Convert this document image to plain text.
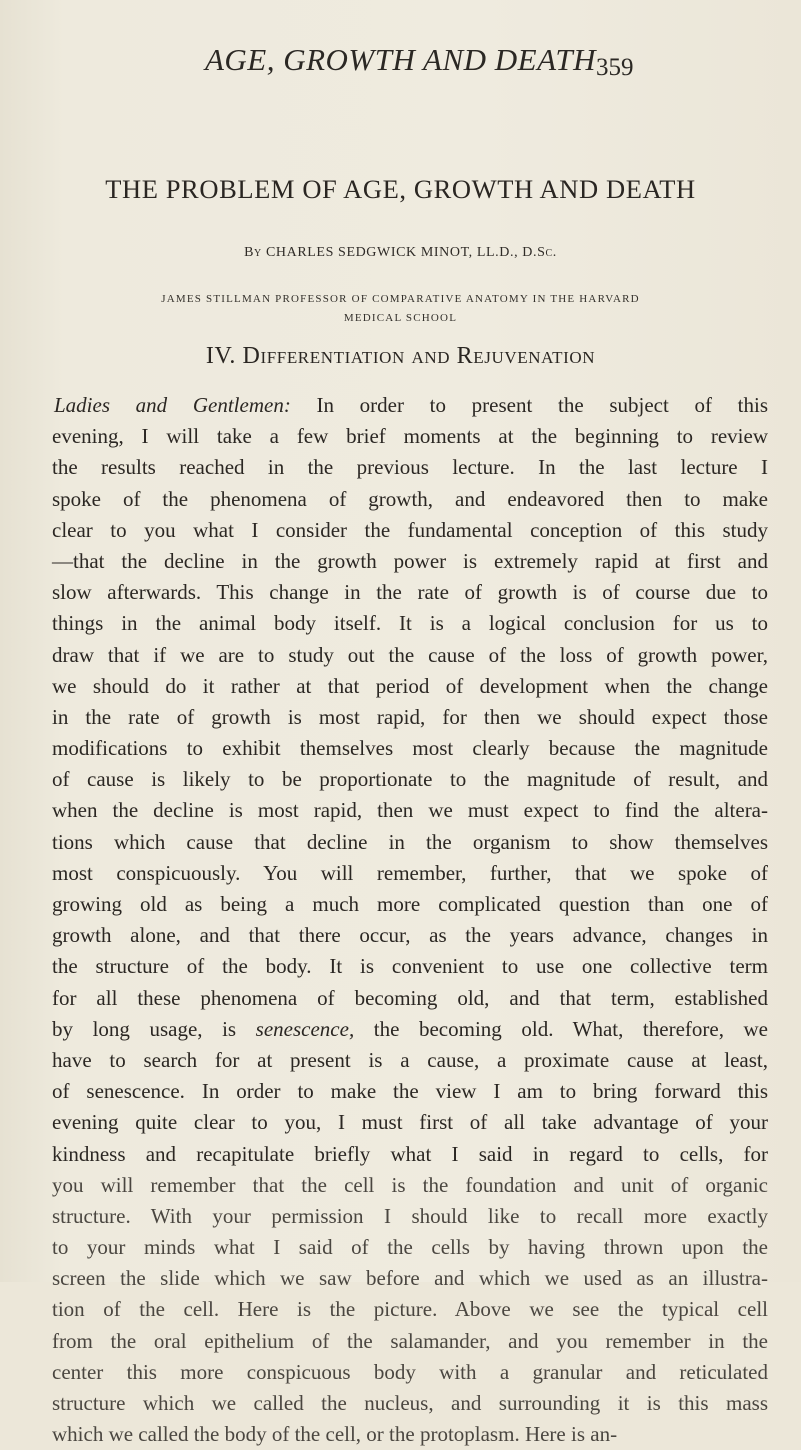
AGE, GROWTH AND DEATH 359
THE PROBLEM OF AGE, GROWTH AND DEATH
By CHARLES SEDGWICK MINOT, LL.D., D.Sc.
JAMES STILLMAN PROFESSOR OF COMPARATIVE ANATOMY IN THE HARVARD
MEDICAL SCHOOL
IV. Differentiation and Rejuvenation
Ladies and Gentlemen: In order to present the subject of this
evening, I will take a few brief moments at the beginning to review
the results reached in the previous lecture. In the last lecture I
spoke of the phenomena of growth, and endeavored then to make
clear to you what I consider the fundamental conception of this study
—that the decline in the growth power is extremely rapid at first and
slow afterwards. This change in the rate of growth is of course due to
things in the animal body itself. It is a logical conclusion for us to
draw that if we are to study out the cause of the loss of growth power,
we should do it rather at that period of development when the change
in the rate of growth is most rapid, for then we should expect those
modifications to exhibit themselves most clearly because the magnitude
of cause is likely to be proportionate to the magnitude of result, and
when the decline is most rapid, then we must expect to find the altera-
tions which cause that decline in the organism to show themselves
most conspicuously. You will remember, further, that we spoke of
growing old as being a much more complicated question than one of
growth alone, and that there occur, as the years advance, changes in
the structure of the body. It is convenient to use one collective term
for all these phenomena of becoming old, and that term, established
by long usage, is senescence, the becoming old. What, therefore, we
have to search for at present is a cause, a proximate cause at least,
of senescence. In order to make the view I am to bring forward this
evening quite clear to you, I must first of all take advantage of your
kindness and recapitulate briefly what I said in regard to cells, for
you will remember that the cell is the foundation and unit of organic
structure. With your permission I should like to recall more exactly
to your minds what I said of the cells by having thrown upon the
screen the slide which we saw before and which we used as an illustra-
tion of the cell. Here is the picture. Above we see the typical cell
from the oral epithelium of the salamander, and you remember in the
center this more conspicuous body with a granular and reticulated
structure which we called the nucleus, and surrounding it is this mass
which we called the body of the cell, or the protoplasm. Here is an-
